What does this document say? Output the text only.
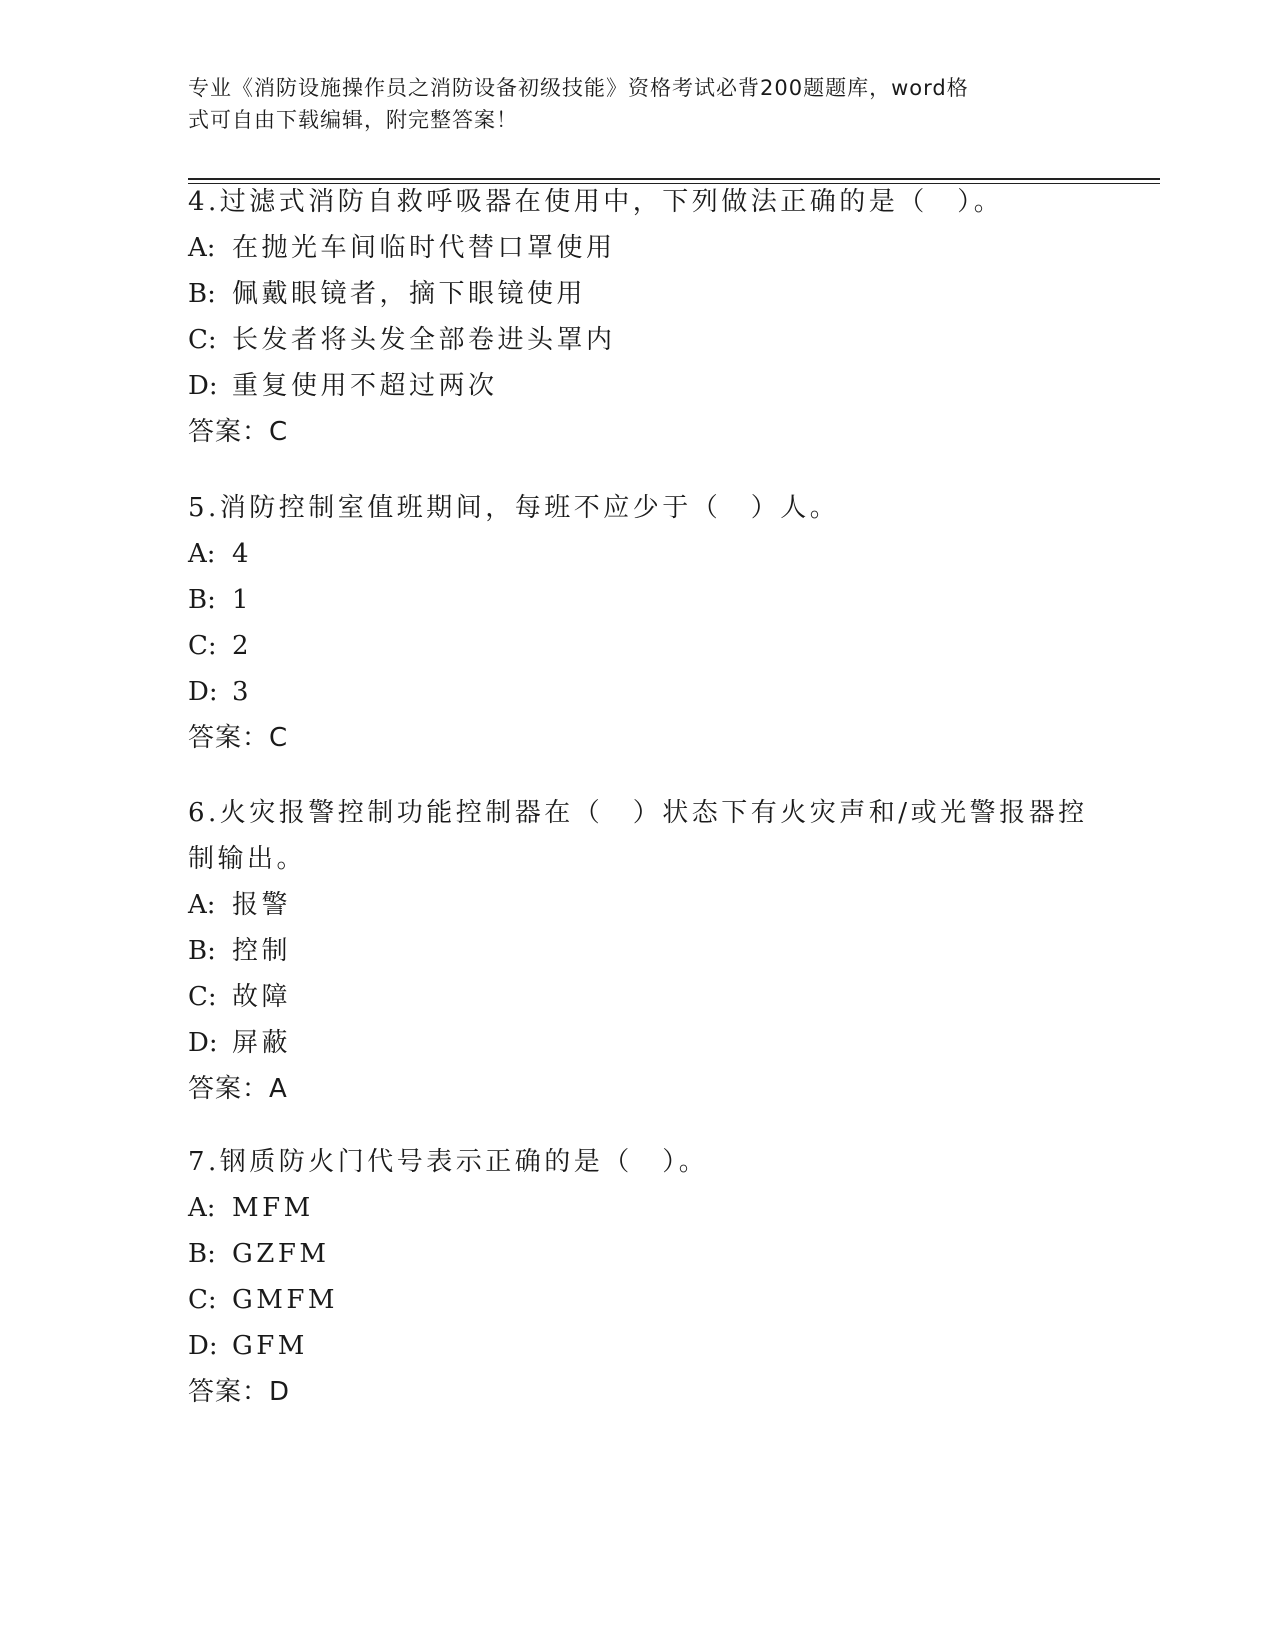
专业《消防设施操作员之消防设备初级技能》资格考试必背200题题库，word格
式可自由下载编辑，附完整答案！
4.过滤式消防自救呼吸器在使用中，下列做法正确的是（　）。
A: 在抛光车间临时代替口罩使用
B: 佩戴眼镜者，摘下眼镜使用
C: 长发者将头发全部卷进头罩内
D: 重复使用不超过两次
答案：C
5.消防控制室值班期间，每班不应少于（　）人。
A: 4
B: 1
C: 2
D: 3
答案：C
6.火灾报警控制功能控制器在（　）状态下有火灾声和/或光警报器控
制输出。
A: 报警
B: 控制
C: 故障
D: 屏蔽
答案：A
7.钢质防火门代号表示正确的是（　）。
A: MFM
B: GZFM
C: GMFM
D: GFM
答案：D
